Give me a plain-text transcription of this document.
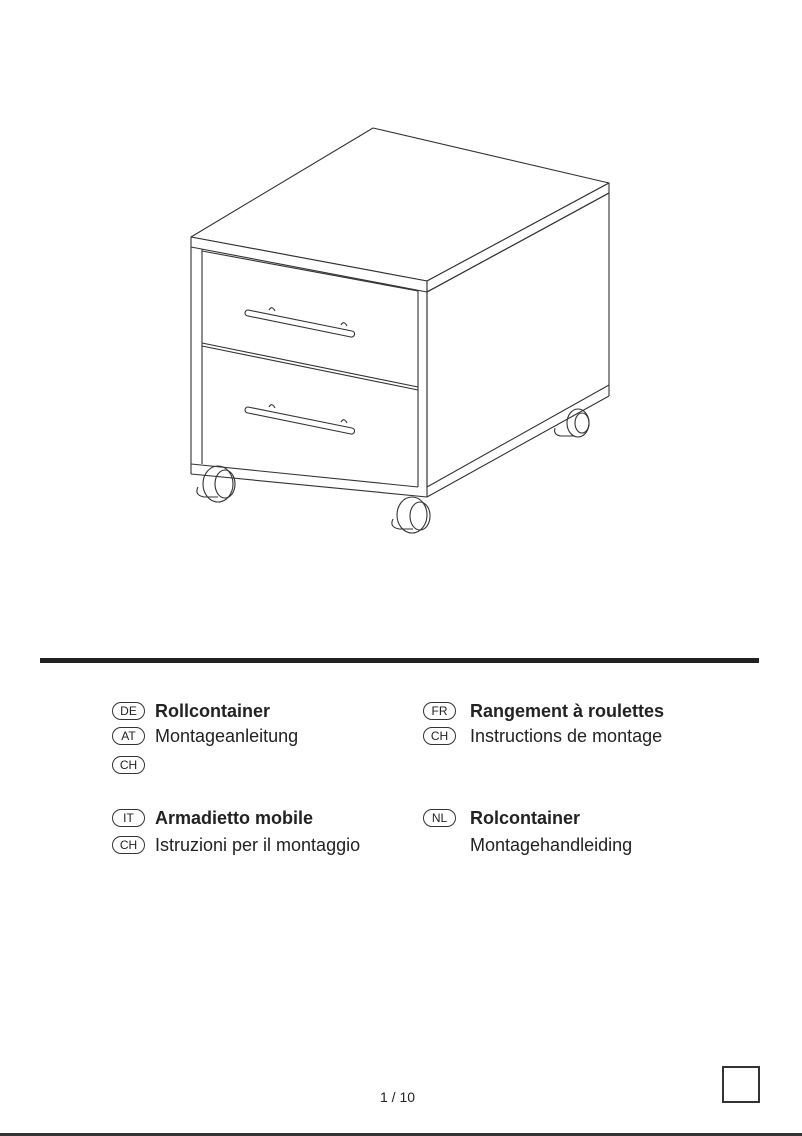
DE
AT
CH
Rollcontainer
Montageanleitung
FR
CH
Rangement à roulettes
Instructions de montage
IT
CH
Armadietto mobile
Istruzioni per il montaggio
NL	Rolcontainer
Montagehandleiding
1 / 10
